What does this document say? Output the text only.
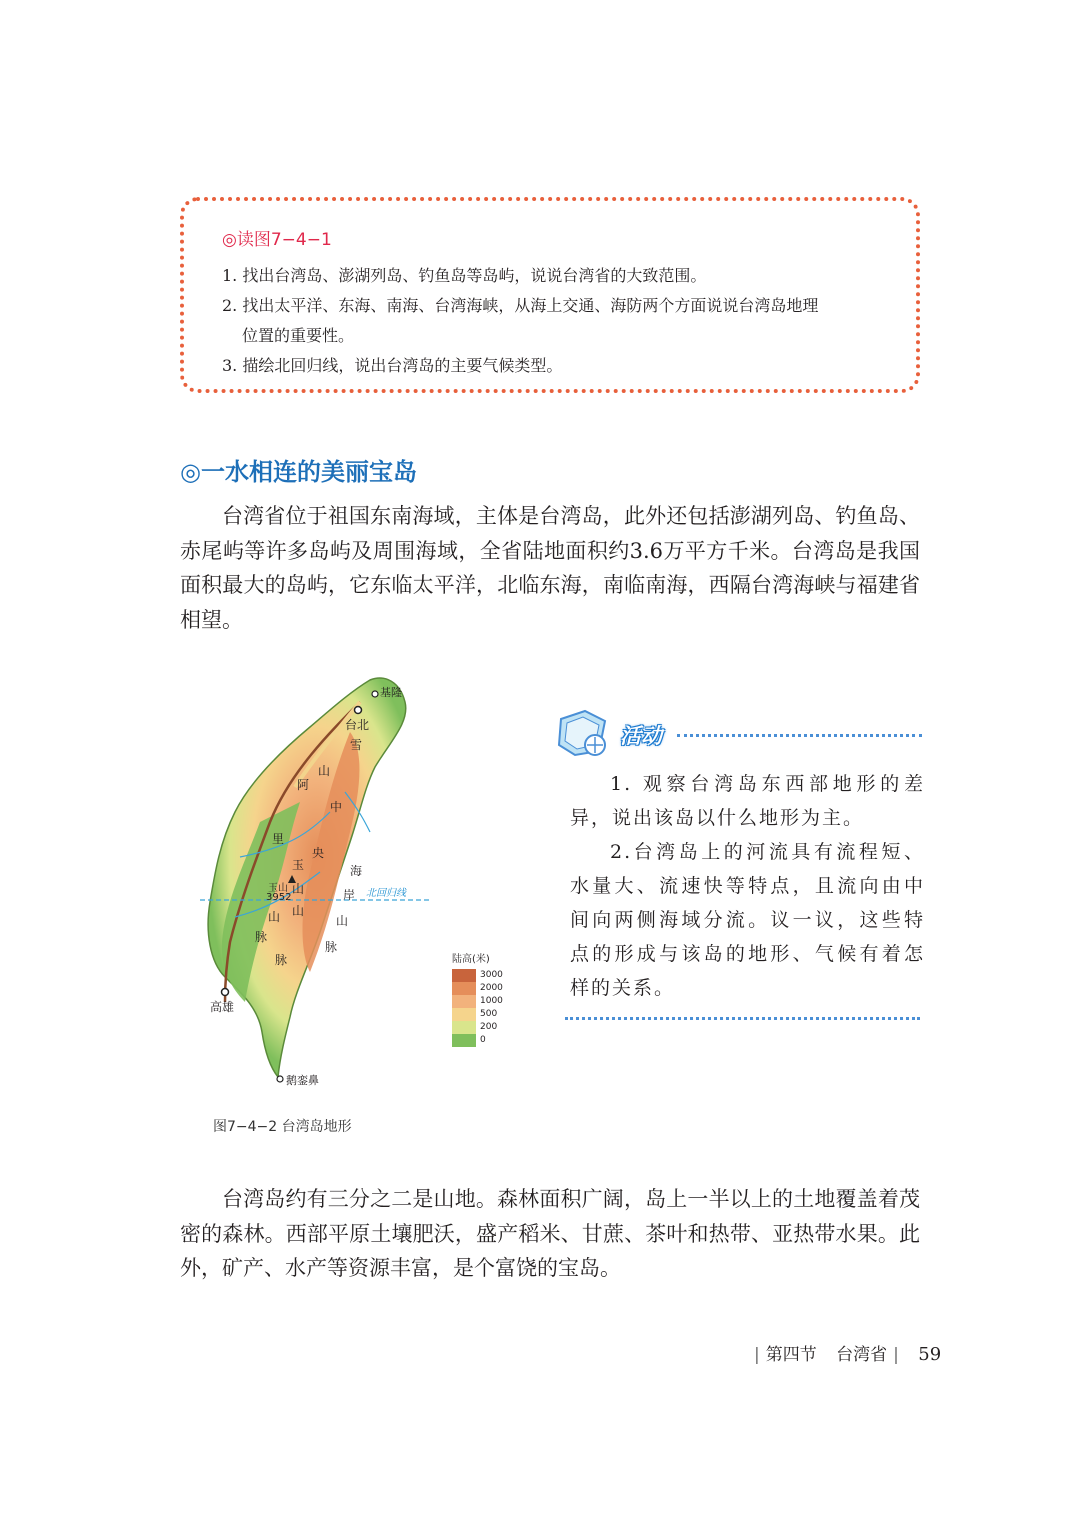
◎读图7−4−1

1. 找出台湾岛、澎湖列岛、钓鱼岛等岛屿，说说台湾省的大致范围。

2. 找出太平洋、东海、南海、台湾海峡，从海上交通、海防两个方面说说台湾岛地理

位置的重要性。

3. 描绘北回归线，说出台湾岛的主要气候类型。

◎一水相连的美丽宝岛

台湾省位于祖国东南海域，主体是台湾岛，此外还包括澎湖列岛、钓鱼岛、赤尾屿等许多岛屿及周围海域，全省陆地面积约3.6万平方千米。台湾岛是我国面积最大的岛屿，它东临太平洋，北临东海，南临南海，西隔台湾海峡与福建省相望。

基隆
台北
雪
阿
里
山
中
央
玉
山
玉山
3952
山
脉
山
脉
海
岸
山
脉
北回归线
高雄
鹅銮鼻
陆高(米)
3000
2000
1000
500
200
0
图7−4−2 台湾岛地形
活动

1. 观察台湾岛东西部地形的差异，说出该岛以什么地形为主。

2.台湾岛上的河流具有流程短、水量大、流速快等特点，且流向由中间向两侧海域分流。议一议，这些特点的形成与该岛的地形、气候有着怎样的关系。

台湾岛约有三分之二是山地。森林面积广阔，岛上一半以上的土地覆盖着茂密的森林。西部平原土壤肥沃，盛产稻米、甘蔗、茶叶和热带、亚热带水果。此外，矿产、水产等资源丰富，是个富饶的宝岛。

| 第四节 台湾省 | 59
